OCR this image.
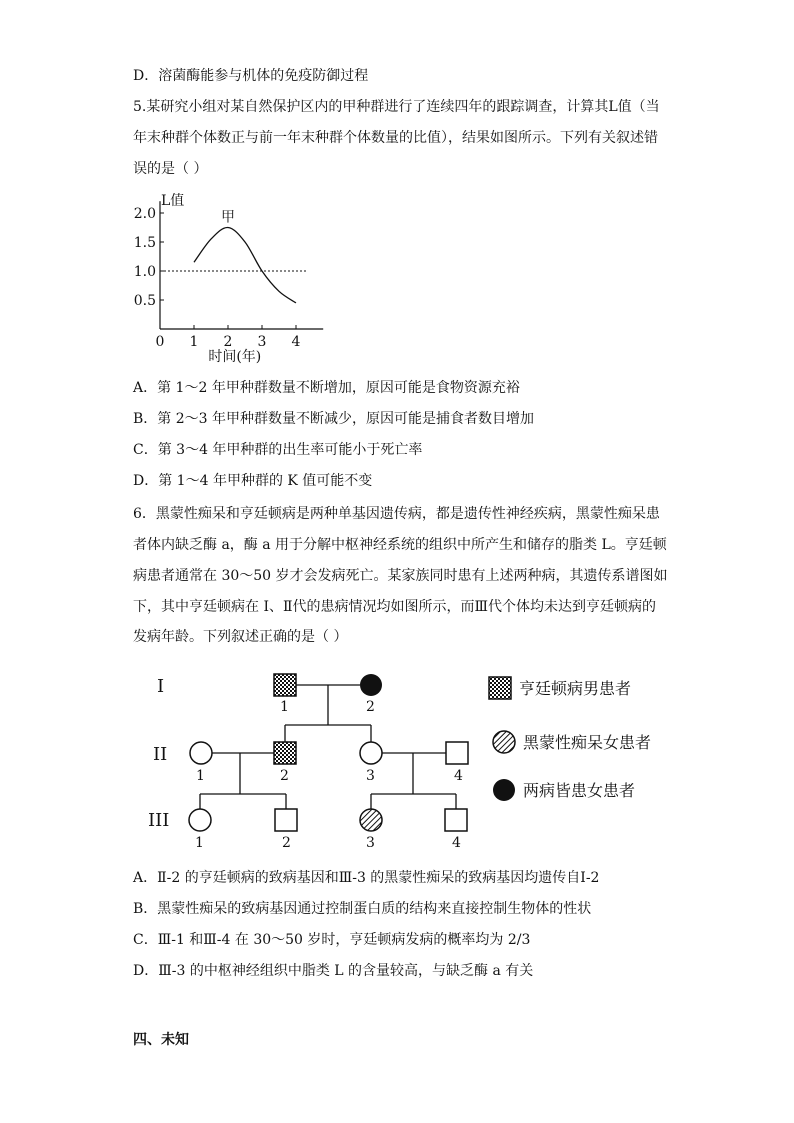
D．溶菌酶能参与机体的免疫防御过程
5.某研究小组对某自然保护区内的甲种群进行了连续四年的跟踪调查，计算其L值（当
年末种群个体数正与前一年末种群个体数量的比值），结果如图所示。下列有关叙述错
误的是（ ）
0 1 2 3 4
0.5
1.0
1.5
2.0
L值
时间(年)
甲
A．第 1～2 年甲种群数量不断增加，原因可能是食物资源充裕
B．第 2～3 年甲种群数量不断减少，原因可能是捕食者数目增加
C．第 3～4 年甲种群的出生率可能小于死亡率
D．第 1～4 年甲种群的 K 值可能不变
6．黑蒙性痴呆和亨廷顿病是两种单基因遗传病，都是遗传性神经疾病，黑蒙性痴呆患
者体内缺乏酶 a，酶 a 用于分解中枢神经系统的组织中所产生和储存的脂类 L。亨廷顿
病患者通常在 30～50 岁才会发病死亡。某家族同时患有上述两种病，其遗传系谱图如
下，其中亨廷顿病在 I、Ⅱ代的患病情况均如图所示，而Ⅲ代个体均未达到亨廷顿病的
发病年龄。下列叙述正确的是（ ）
I
II
III
1	2
1	2	3	4
1	2	3	4
亨廷顿病男患者
黑蒙性痴呆女患者
两病皆患女患者
A．Ⅱ-2 的亨廷顿病的致病基因和Ⅲ-3 的黑蒙性痴呆的致病基因均遗传自Ⅰ-2
B．黑蒙性痴呆的致病基因通过控制蛋白质的结构来直接控制生物体的性状
C．Ⅲ-1 和Ⅲ-4 在 30～50 岁时，亨廷顿病发病的概率均为 2/3
D．Ⅲ-3 的中枢神经组织中脂类 L 的含量较高，与缺乏酶 a 有关
四、未知
